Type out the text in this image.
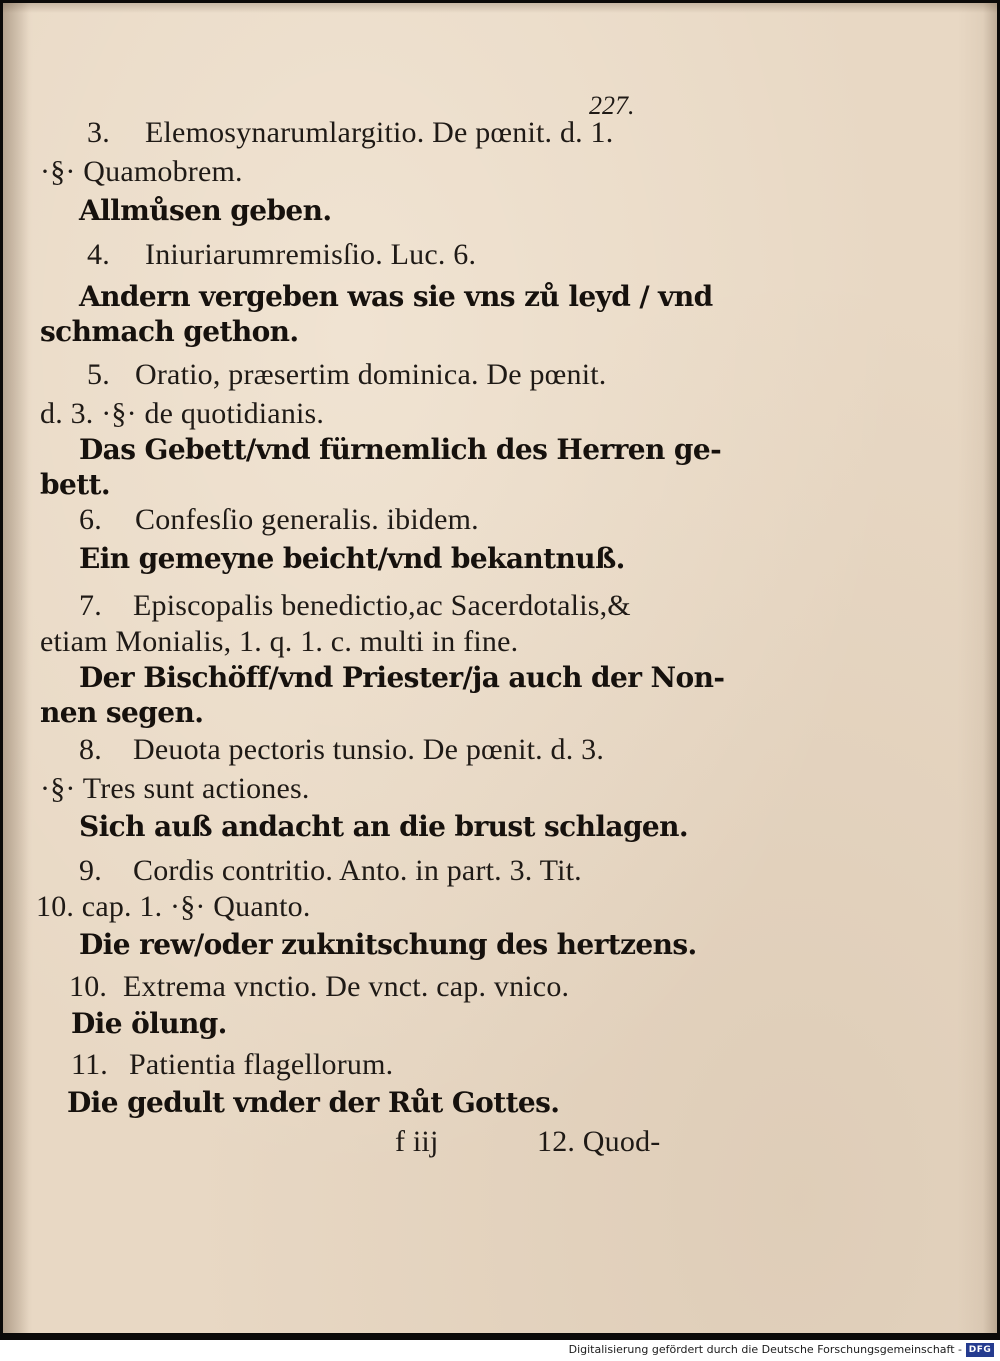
227.
3. Elemosynarumlargitio. De pœnit. d. 1.
·§· Quamobrem.
Allmůsen geben.
4. Iniuriarumremisſio. Luc. 6.
Andern vergeben was sie vns zů leyd / vnd
schmach gethon.
5. Oratio, præsertim dominica. De pœnit.
d. 3. ·§· de quotidianis.
Das Gebett/vnd fürnemlich des Herren ge-
bett.
6. Confesſio generalis. ibidem.
Ein gemeyne beicht/vnd bekantnuß.
7. Episcopalis benedictio,ac Sacerdotalis,&
etiam Monialis, 1. q. 1. c. multi in fine.
Der Bischöff/vnd Priester/ja auch der Non-
nen segen.
8. Deuota pectoris tunsio. De pœnit. d. 3.
·§· Tres sunt actiones.
Sich auß andacht an die brust schlagen.
9. Cordis contritio. Anto. in part. 3. Tit.
10. cap. 1. ·§· Quanto.
Die rew/oder zuknitschung des hertzens.
10. Extrema vnctio. De vnct. cap. vnico.
Die ölung.
11. Patientia flagellorum.
Die gedult vnder der Růt Gottes.
f iij	12. Quod-
Digitalisierung gefördert durch die Deutsche Forschungsgemeinschaft - DFG
